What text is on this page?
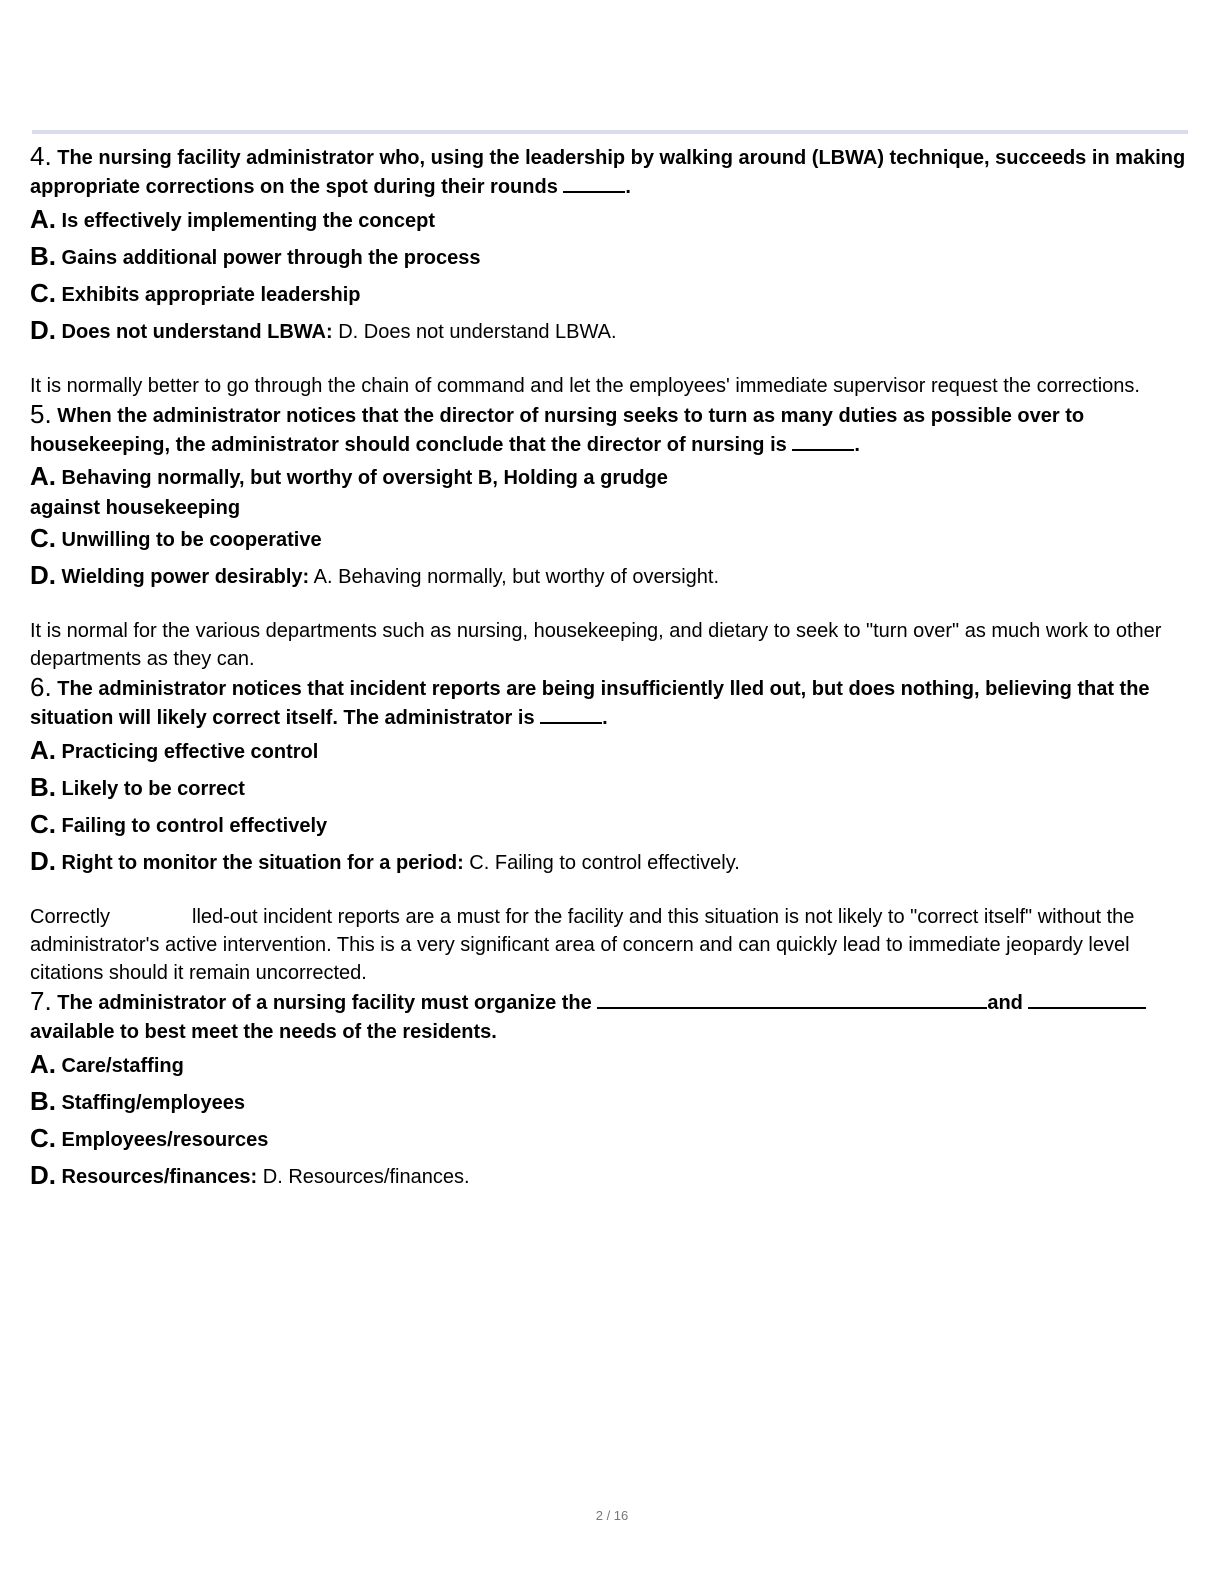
4. The nursing facility administrator who, using the leadership by walking around (LBWA) technique, succeeds in making appropriate corrections on the spot during their rounds	.
A. Is effectively implementing the concept
B. Gains additional power through the process
C. Exhibits appropriate leadership
D. Does not understand LBWA: D. Does not understand LBWA.
It is normally better to go through the chain of command and let the employees' immediate supervisor request the corrections.
5. When the administrator notices that the director of nursing seeks to turn as many duties as possible over to housekeeping, the administrator should conclude that the director of nursing is	.
A. Behaving normally, but worthy of oversight B, Holding a grudge
against housekeeping
C. Unwilling to be cooperative
D. Wielding power desirably: A. Behaving normally, but worthy of oversight.
It is normal for the various departments such as nursing, housekeeping, and dietary to seek to "turn over" as much work to other departments as they can.
6. The administrator notices that incident reports are being insufficiently lled out, but does nothing, believing that the situation will likely correct itself. The administrator is	.
A. Practicing effective control
B. Likely to be correct
C. Failing to control effectively
D. Right to monitor the situation for a period: C. Failing to control effectively.
Correctly	lled-out incident reports are a must for the facility and this situation is not likely to "correct itself" without the administrator's active intervention. This is a very significant area of concern and can quickly lead to immediate jeopardy level citations should it remain uncorrected.
7. The administrator of a nursing facility must organize the	and
available to best meet the needs of the residents.
A. Care/staffing
B. Staffing/employees
C. Employees/resources
D. Resources/finances: D. Resources/finances.
2 / 16
